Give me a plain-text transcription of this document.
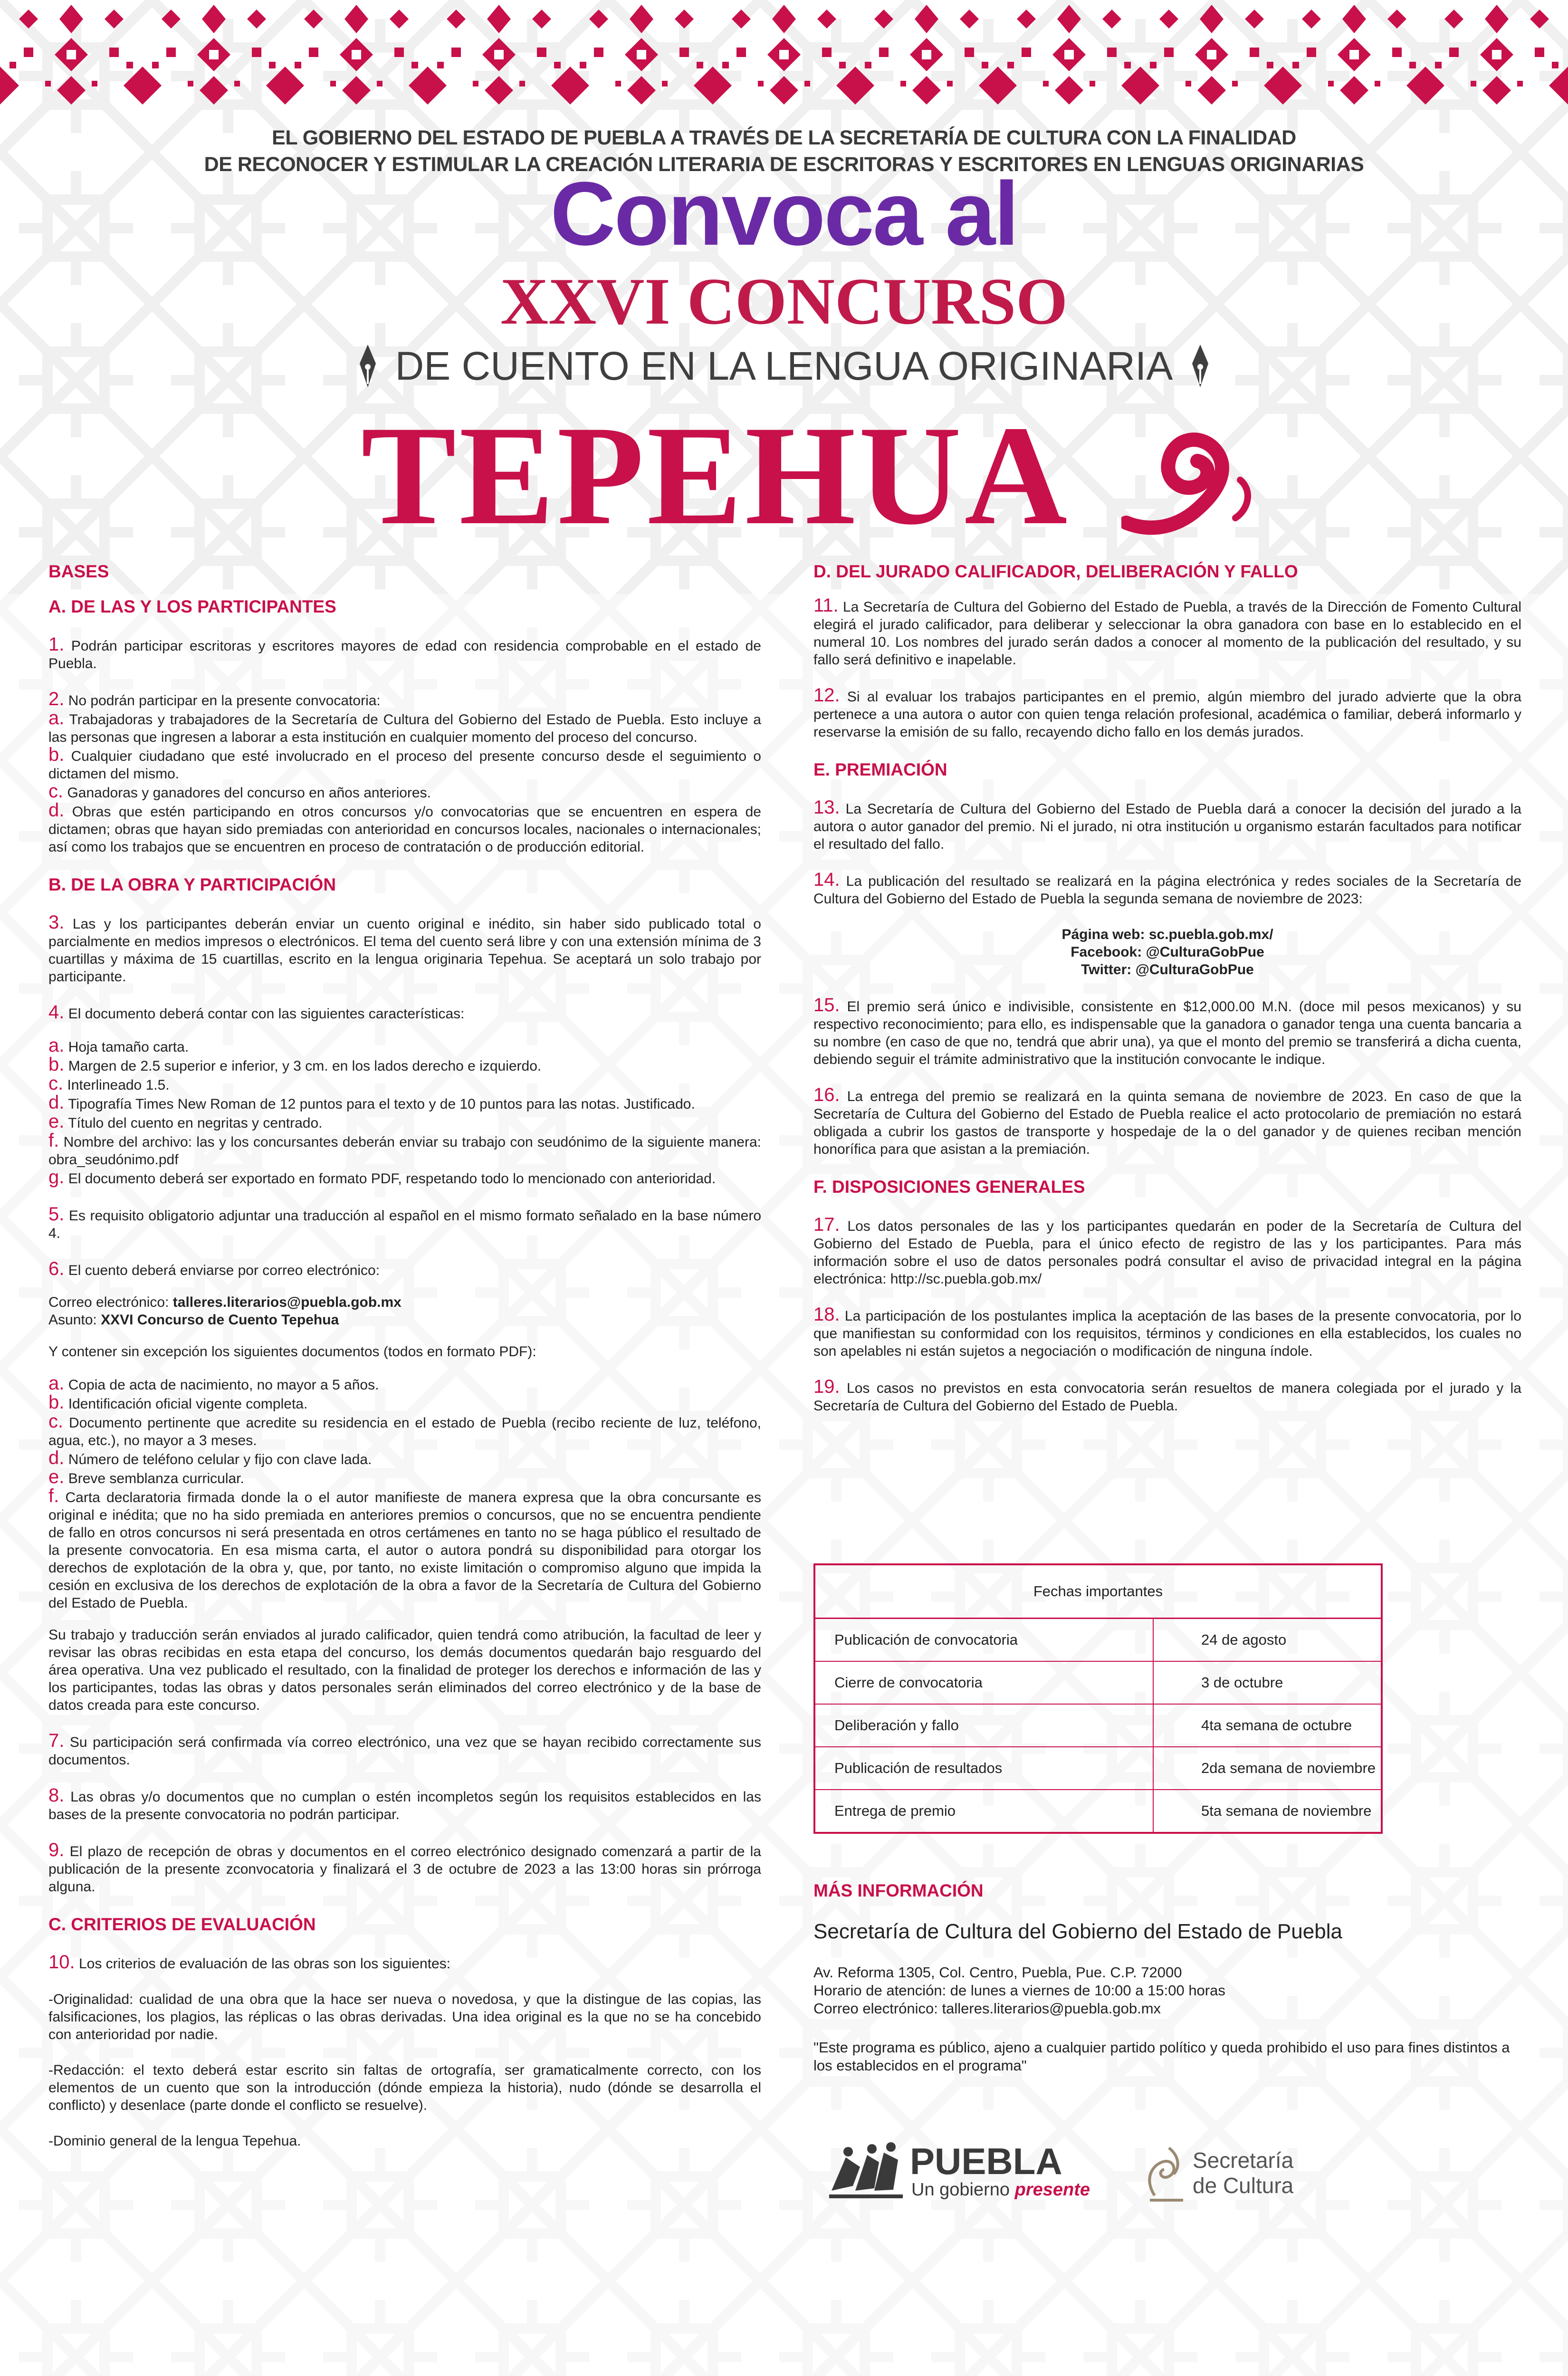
EL GOBIERNO DEL ESTADO DE PUEBLA A TRAVÉS DE LA SECRETARÍA DE CULTURA CON LA FINALIDAD
DE RECONOCER Y ESTIMULAR LA CREACIÓN LITERARIA DE ESCRITORAS Y ESCRITORES EN LENGUAS ORIGINARIAS
Convoca al
XXVI CONCURSO
DE CUENTO EN LA LENGUA ORIGINARIA
TEPEHUA
BASES
A. DE LAS Y LOS PARTICIPANTES
1. Podrán participar escritoras y escritores mayores de edad con residencia comprobable en el estado de Puebla.
2. No podrán participar en la presente convocatoria:
a. Trabajadoras y trabajadores de la Secretaría de Cultura del Gobierno del Estado de Puebla. Esto incluye a las personas que ingresen a laborar a esta institución en cualquier momento del proceso del concurso.
b. Cualquier ciudadano que esté involucrado en el proceso del presente concurso desde el seguimiento o dictamen del mismo.
c. Ganadoras y ganadores del concurso en años anteriores.
d. Obras que estén participando en otros concursos y/o convocatorias que se encuentren en espera de dictamen; obras que hayan sido premiadas con anterioridad en concursos locales, nacionales o internacionales; así como los trabajos que se encuentren en proceso de contratación o de producción editorial.
B. DE LA OBRA Y PARTICIPACIÓN
3. Las y los participantes deberán enviar un cuento original e inédito, sin haber sido publicado total o parcialmente en medios impresos o electrónicos. El tema del cuento será libre y con una extensión mínima de 3 cuartillas y máxima de 15 cuartillas, escrito en la lengua originaria Tepehua. Se aceptará un solo trabajo por participante.
4. El documento deberá contar con las siguientes características:
a. Hoja tamaño carta.
b. Margen de 2.5 superior e inferior, y 3 cm. en los lados derecho e izquierdo.
c. Interlineado 1.5.
d. Tipografía Times New Roman de 12 puntos para el texto y de 10 puntos para las notas. Justificado.
e. Título del cuento en negritas y centrado.
f. Nombre del archivo: las y los concursantes deberán enviar su trabajo con seudónimo de la siguiente manera: obra_seudónimo.pdf
g. El documento deberá ser exportado en formato PDF, respetando todo lo mencionado con anterioridad.
5. Es requisito obligatorio adjuntar una traducción al español en el mismo formato señalado en la base número 4.
6. El cuento deberá enviarse por correo electrónico:
Correo electrónico: talleres.literarios@puebla.gob.mx
Asunto: XXVI Concurso de Cuento Tepehua
Y contener sin excepción los siguientes documentos (todos en formato PDF):
a. Copia de acta de nacimiento, no mayor a 5 años.
b. Identificación oficial vigente completa.
c. Documento pertinente que acredite su residencia en el estado de Puebla (recibo reciente de luz, teléfono, agua, etc.), no mayor a 3 meses.
d. Número de teléfono celular y fijo con clave lada.
e. Breve semblanza curricular.
f. Carta declaratoria firmada donde la o el autor manifieste de manera expresa que la obra concursante es original e inédita; que no ha sido premiada en anteriores premios o concursos, que no se encuentra pendiente de fallo en otros concursos ni será presentada en otros certámenes en tanto no se haga público el resultado de la presente convocatoria. En esa misma carta, el autor o autora pondrá su disponibilidad para otorgar los derechos de explotación de la obra y, que, por tanto, no existe limitación o compromiso alguno que impida la cesión en exclusiva de los derechos de explotación de la obra a favor de la Secretaría de Cultura del Gobierno del Estado de Puebla.
Su trabajo y traducción serán enviados al jurado calificador, quien tendrá como atribución, la facultad de leer y revisar las obras recibidas en esta etapa del concurso, los demás documentos quedarán bajo resguardo del área operativa. Una vez publicado el resultado, con la finalidad de proteger los derechos e información de las y los participantes, todas las obras y datos personales serán eliminados del correo electrónico y de la base de datos creada para este concurso.
7. Su participación será confirmada vía correo electrónico, una vez que se hayan recibido correctamente sus documentos.
8. Las obras y/o documentos que no cumplan o estén incompletos según los requisitos establecidos en las bases de la presente convocatoria no podrán participar.
9. El plazo de recepción de obras y documentos en el correo electrónico designado comenzará a partir de la publicación de la presente zconvocatoria y finalizará el 3 de octubre de 2023 a las 13:00 horas sin prórroga alguna.
C. CRITERIOS DE EVALUACIÓN
10. Los criterios de evaluación de las obras son los siguientes:
-Originalidad: cualidad de una obra que la hace ser nueva o novedosa, y que la distingue de las copias, las falsificaciones, los plagios, las réplicas o las obras derivadas. Una idea original es la que no se ha concebido con anterioridad por nadie.
-Redacción: el texto deberá estar escrito sin faltas de ortografía, ser gramaticalmente correcto, con los elementos de un cuento que son la introducción (dónde empieza la historia), nudo (dónde se desarrolla el conflicto) y desenlace (parte donde el conflicto se resuelve).
-Dominio general de la lengua Tepehua.
D. DEL JURADO CALIFICADOR, DELIBERACIÓN Y FALLO
11. La Secretaría de Cultura del Gobierno del Estado de Puebla, a través de la Dirección de Fomento Cultural elegirá el jurado calificador, para deliberar y seleccionar la obra ganadora con base en lo establecido en el numeral 10. Los nombres del jurado serán dados a conocer al momento de la publicación del resultado, y su fallo será definitivo e inapelable.
12. Si al evaluar los trabajos participantes en el premio, algún miembro del jurado advierte que la obra pertenece a una autora o autor con quien tenga relación profesional, académica o familiar, deberá informarlo y reservarse la emisión de su fallo, recayendo dicho fallo en los demás jurados.
E. PREMIACIÓN
13. La Secretaría de Cultura del Gobierno del Estado de Puebla dará a conocer la decisión del jurado a la autora o autor ganador del premio. Ni el jurado, ni otra institución u organismo estarán facultados para notificar el resultado del fallo.
14. La publicación del resultado se realizará en la página electrónica y redes sociales de la Secretaría de Cultura del Gobierno del Estado de Puebla la segunda semana de noviembre de 2023:
Página web: sc.puebla.gob.mx/
Facebook: @CulturaGobPue
Twitter: @CulturaGobPue
15. El premio será único e indivisible, consistente en $12,000.00 M.N. (doce mil pesos mexicanos) y su respectivo reconocimiento; para ello, es indispensable que la ganadora o ganador tenga una cuenta bancaria a su nombre (en caso de que no, tendrá que abrir una), ya que el monto del premio se transferirá a dicha cuenta, debiendo seguir el trámite administrativo que la institución convocante le indique.
16. La entrega del premio se realizará en la quinta semana de noviembre de 2023. En caso de que la Secretaría de Cultura del Gobierno del Estado de Puebla realice el acto protocolario de premiación no estará obligada a cubrir los gastos de transporte y hospedaje de la o del ganador y de quienes reciban mención honorífica para que asistan a la premiación.
F. DISPOSICIONES GENERALES
17. Los datos personales de las y los participantes quedarán en poder de la Secretaría de Cultura del Gobierno del Estado de Puebla, para el único efecto de registro de las y los participantes. Para más información sobre el uso de datos personales podrá consultar el aviso de privacidad integral en la página electrónica: http://sc.puebla.gob.mx/
18. La participación de los postulantes implica la aceptación de las bases de la presente convocatoria, por lo que manifiestan su conformidad con los requisitos, términos y condiciones en ella establecidos, los cuales no son apelables ni están sujetos a negociación o modificación de ninguna índole.
19. Los casos no previstos en esta convocatoria serán resueltos de manera colegiada por el jurado y la Secretaría de Cultura del Gobierno del Estado de Puebla.
Fechas importantes
Publicación de convocatoria	24 de agosto
Cierre de convocatoria	3 de octubre
Deliberación y fallo	4ta semana de octubre
Publicación de resultados	2da semana de noviembre
Entrega de premio	5ta semana de noviembre
MÁS INFORMACIÓN
Secretaría de Cultura del Gobierno del Estado de Puebla
Av. Reforma 1305, Col. Centro, Puebla, Pue. C.P. 72000
Horario de atención: de lunes a viernes de 10:00 a 15:00 horas
Correo electrónico: talleres.literarios@puebla.gob.mx
"Este programa es público, ajeno a cualquier partido político y queda prohibido el uso para fines distintos a los establecidos en el programa"
PUEBLA
Un gobierno presente
Secretaría
de Cultura
